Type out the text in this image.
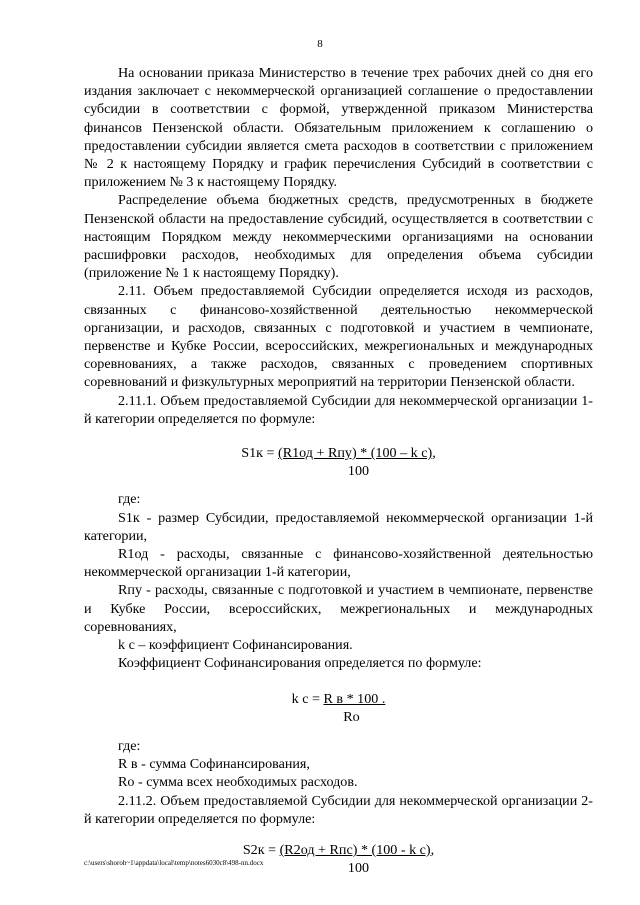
8

На основании приказа Министерство в течение трех рабочих дней со дня его издания заключает с некоммерческой организацией соглашение о предоставлении субсидии в соответствии с формой, утвержденной приказом Министерства финансов Пензенской области. Обязательным приложением к соглашению о предоставлении субсидии является смета расходов в соответствии с приложением № 2 к настоящему Порядку и график перечисления Субсидий в соответствии с приложением № 3 к настоящему Порядку.

Распределение объема бюджетных средств, предусмотренных в бюджете Пензенской области на предоставление субсидий, осуществляется в соответствии с настоящим Порядком между некоммерческими организациями на основании расшифровки расходов, необходимых для определения объема субсидии (приложение № 1 к настоящему Порядку).

2.11. Объем предоставляемой Субсидии определяется исходя из расходов, связанных с финансово-хозяйственной деятельностью некоммерческой организации, и расходов, связанных с подготовкой и участием в чемпионате, первенстве и Кубке России, всероссийских, межрегиональных и международных соревнованиях, а также расходов, связанных с проведением спортивных соревнований и физкультурных мероприятий на территории Пензенской области.

2.11.1. Объем предоставляемой Субсидии для некоммерческой организации 1-й категории определяется по формуле:

S1к = (R1од + Rпу) * (100 – k c),
100

где:

S1к - размер Субсидии, предоставляемой некоммерческой организации 1-й категории,

R1од - расходы, связанные с финансово-хозяйственной деятельностью некоммерческой организации 1-й категории,

Rпу - расходы, связанные с подготовкой и участием в чемпионате, первенстве и Кубке России, всероссийских, межрегиональных и международных соревнованиях,

k с – коэффициент Софинансирования.

Коэффициент Софинансирования определяется по формуле:

k c = R в * 100 .
Ro

где:

R в - сумма Софинансирования,

Ro - сумма всех необходимых расходов.

2.11.2. Объем предоставляемой Субсидии для некоммерческой организации 2-й категории определяется по формуле:

S2к = (R2од + Rпс) * (100 - k c),
100
c:\users\shoroh~1\appdata\local\temp\notes6030c8\498-nn.docx
